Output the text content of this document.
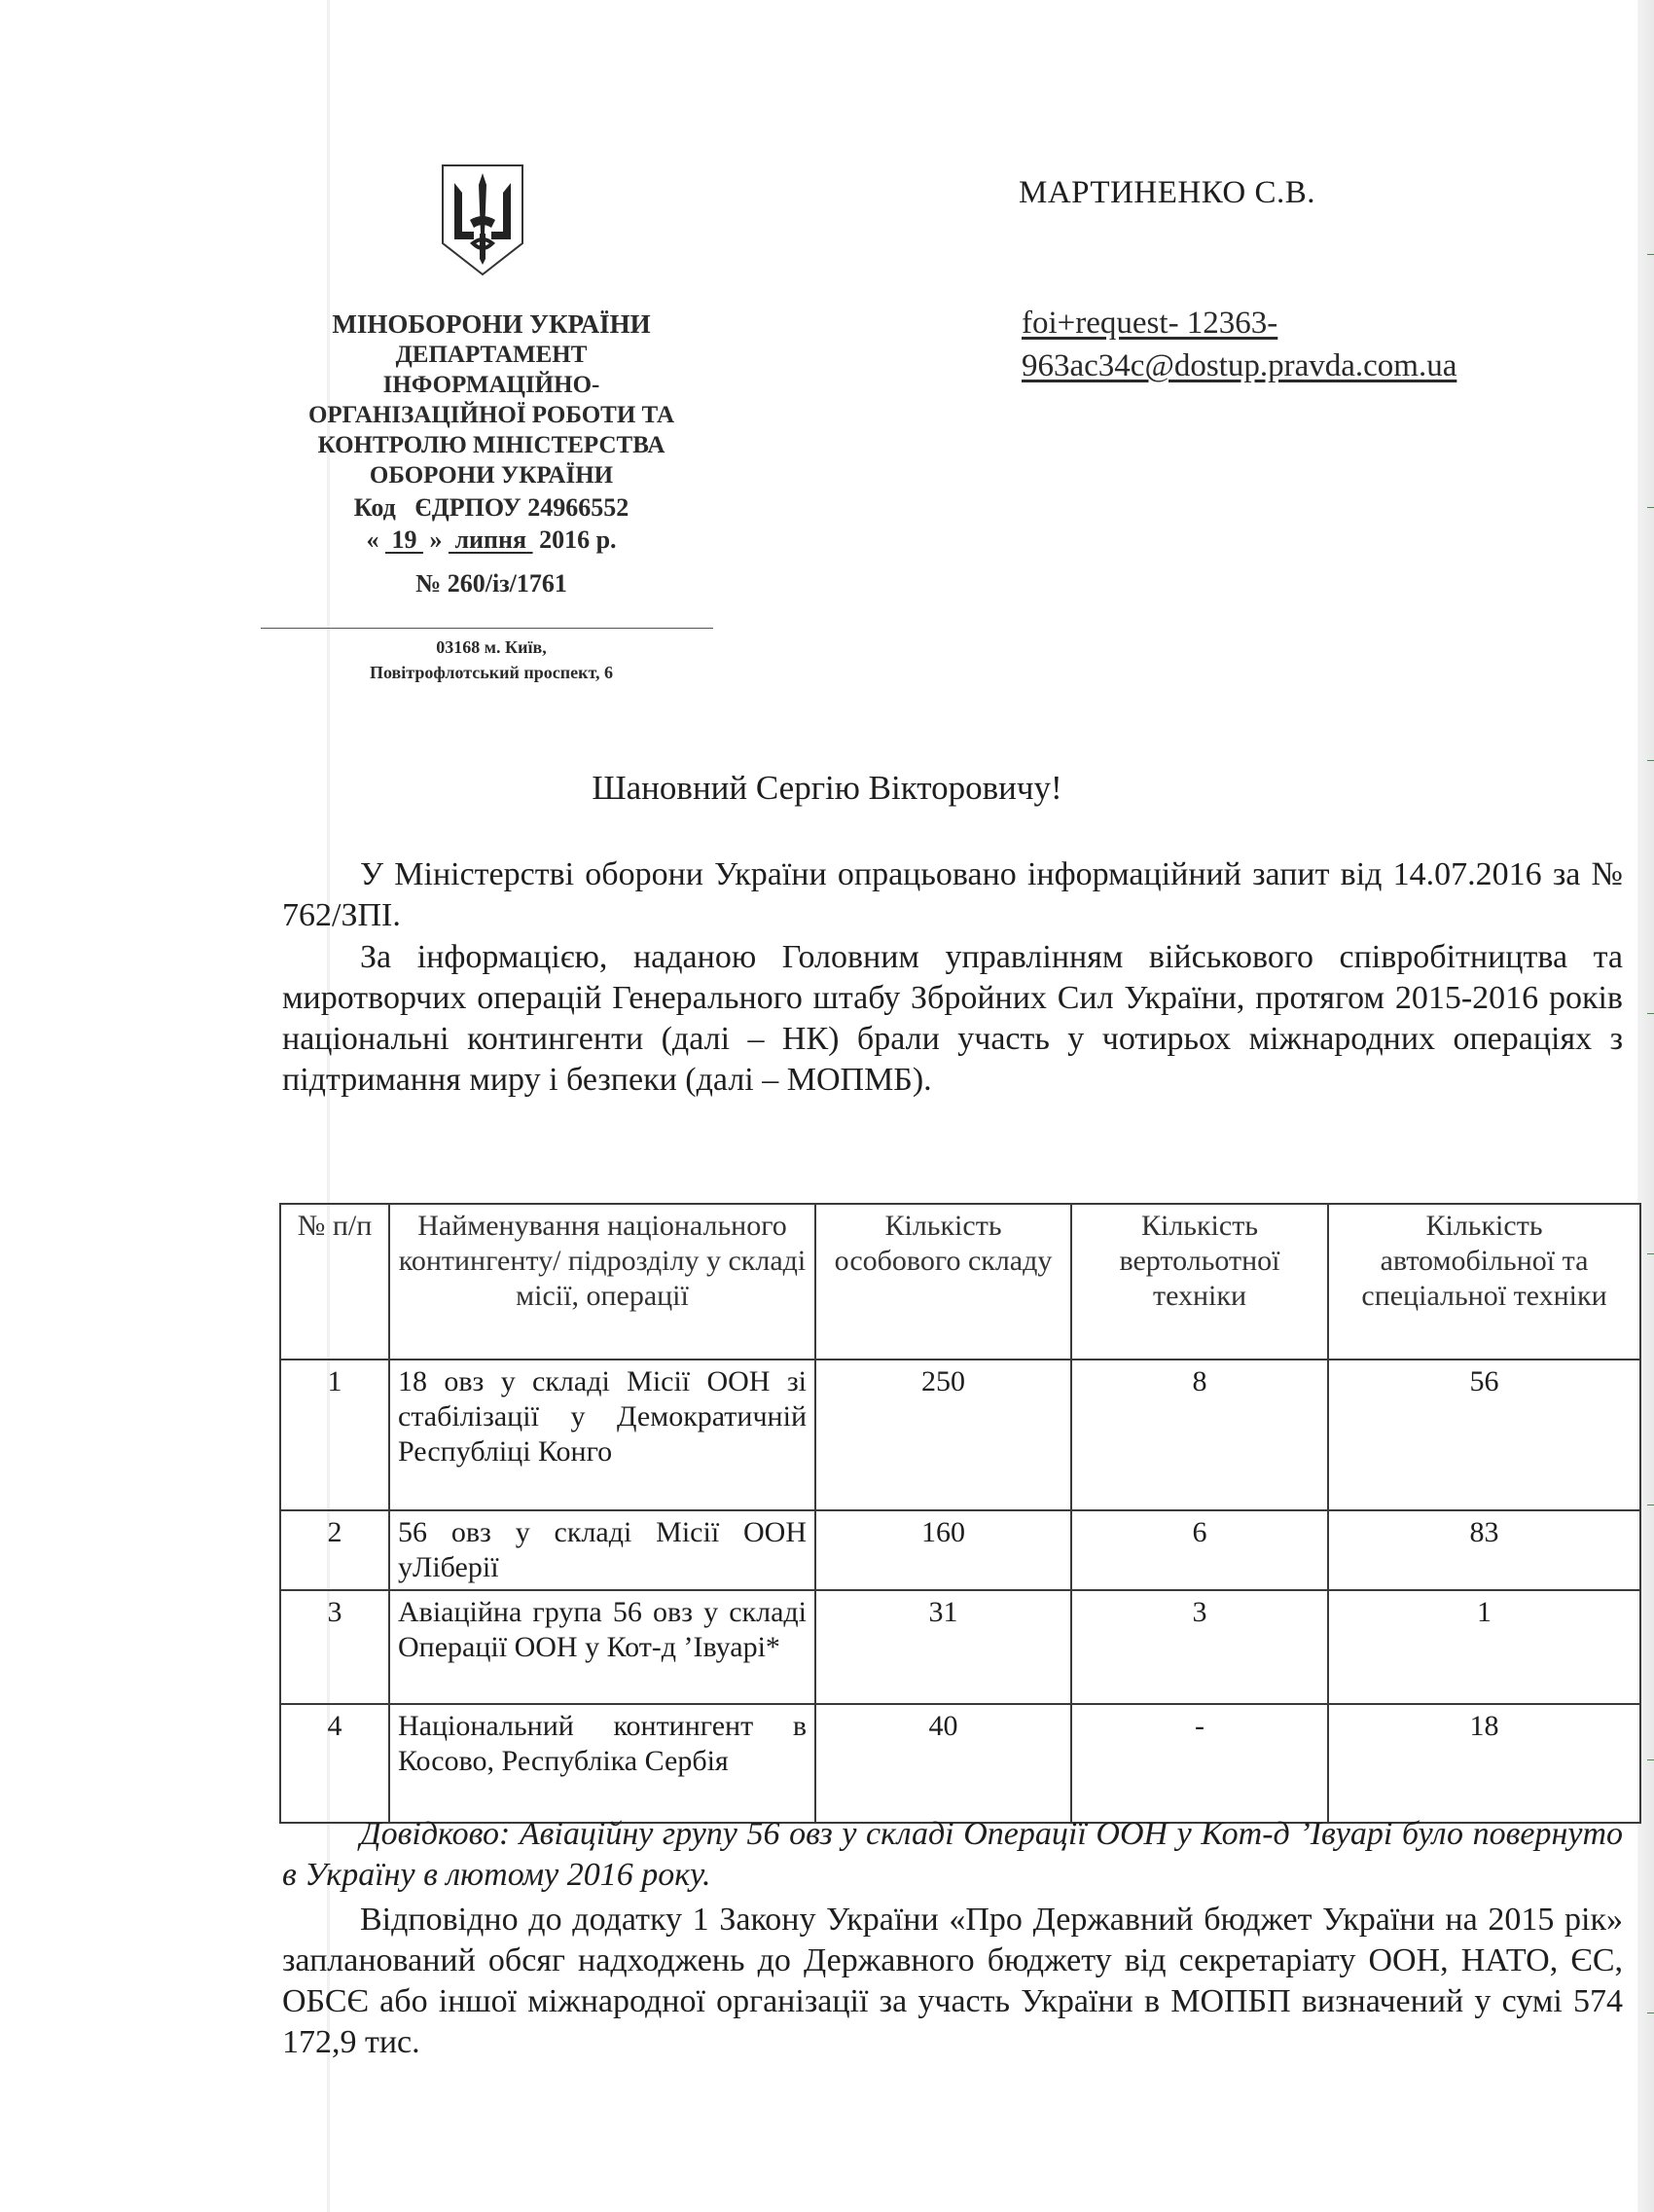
МІНОБОРОНИ УКРАЇНИ
ДЕПАРТАМЕНТ
ІНФОРМАЦІЙНО-
ОРГАНІЗАЦІЙНОЇ РОБОТИ ТА
КОНТРОЛЮ МІНІСТЕРСТВА
ОБОРОНИ УКРАЇНИ
Код   ЄДРПОУ 24966552
« 19 » липня 2016 р.
№ 260/із/1761
03168 м. Київ,
Повітрофлотський проспект, 6
МАРТИНЕНКО С.В.
foi+request- 12363-
963ac34c@dostup.pravda.com.ua
Шановний Сергію Вікторовичу!
У Міністерстві оборони України опрацьовано інформаційний запит від 14.07.2016 за № 762/ЗПІ.
За інформацією, наданою Головним управлінням військового співробітництва та миротворчих операцій Генерального штабу Збройних Сил України, протягом 2015-2016 років національні контингенти (далі – НК) брали участь у чотирьох міжнародних операціях з підтримання миру і безпеки (далі – МОПМБ).
№ п/п	Найменування національного контингенту/ підрозділу у складі місії, операції	Кількість особового складу	Кількість вертольотної техніки	Кількість автомобільної та спеціальної техніки
1	18 овз у складі Місії ООН зі стабілізації у Демократичній Республіці Конго	250	8	56
2	56 овз у складі Місії ООН уЛіберії	160	6	83
3	Авіаційна група 56 овз у складі Операції ООН у Кот-д ’Івуарі*	31	3	1
4	Національний контингент в Косово, Республіка Сербія	40	-	18
Довідково: Авіаційну групу 56 овз у складі Операції ООН у Кот-д ’Івуарі було повернуто в Україну в лютому 2016 року.
Відповідно до додатку 1 Закону України «Про Державний бюджет України на 2015 рік» запланований обсяг надходжень до Державного бюджету від секретаріату ООН, НАТО, ЄС, ОБСЄ або іншої міжнародної організації за участь України в МОПБП визначений у сумі 574 172,9 тис.
